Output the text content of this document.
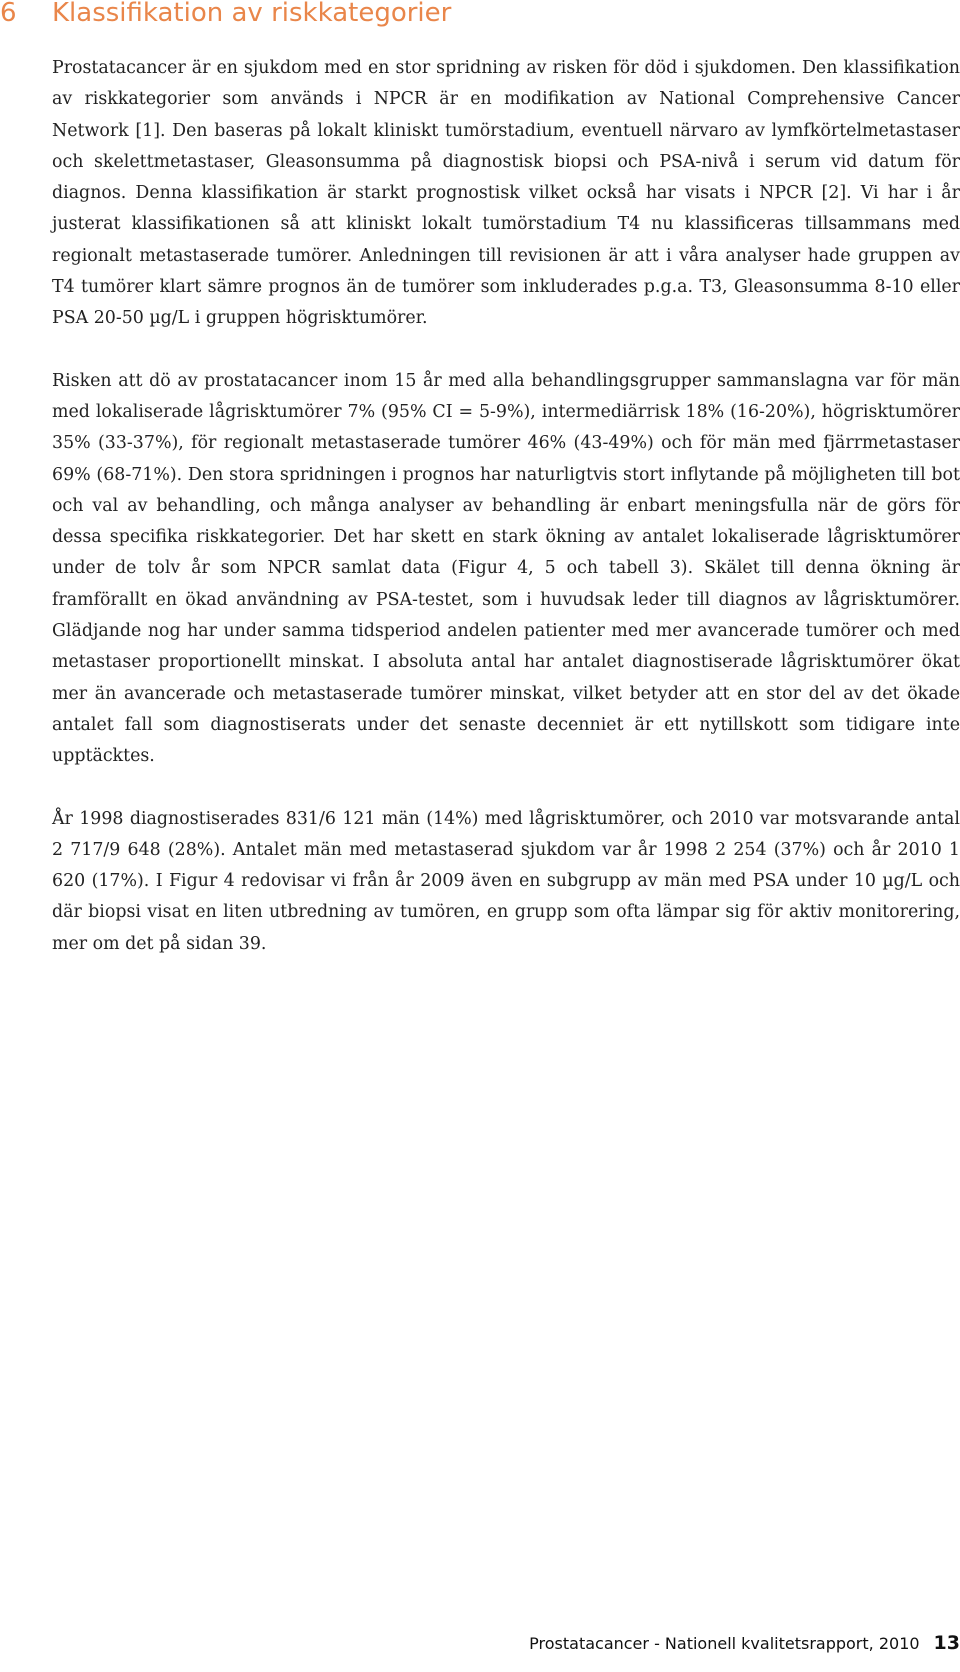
6 Klassifikation av riskkategorier

Prostatacancer är en sjukdom med en stor spridning av risken för död i sjukdomen. Den klassifikation av riskkategorier som används i NPCR är en modifikation av National Comprehensive Cancer Network [1]. Den baseras på lokalt kliniskt tumörstadium, eventuell närvaro av lymfkörtelmetastaser och skelettmetastaser, Gleasonsumma på diagnostisk biopsi och PSA-nivå i serum vid datum för diagnos. Denna klassifikation är starkt prognostisk vilket också har visats i NPCR [2]. Vi har i år justerat klassifikationen så att kliniskt lokalt tumörstadium T4 nu klassificeras tillsammans med regionalt metastaserade tumörer. Anledningen till revisionen är att i våra analyser hade gruppen av T4 tumörer klart sämre prognos än de tumörer som inkluderades p.g.a. T3, Gleasonsumma 8-10 eller PSA 20-50 µg/L i gruppen högrisktumörer.

Risken att dö av prostatacancer inom 15 år med alla behandlingsgrupper sammanslagna var för män med lokaliserade lågrisktumörer 7% (95% CI = 5-9%), intermediärrisk 18% (16-20%), högrisktumörer 35% (33-37%), för regionalt metastaserade tumörer 46% (43-49%) och för män med fjärrmetastaser 69% (68-71%). Den stora spridningen i prognos har naturligtvis stort inflytande på möjligheten till bot och val av behandling, och många analyser av behandling är enbart meningsfulla när de görs för dessa specifika riskkategorier. Det har skett en stark ökning av antalet lokaliserade lågrisktumörer under de tolv år som NPCR samlat data (Figur 4, 5 och tabell 3). Skälet till denna ökning är framförallt en ökad användning av PSA-testet, som i huvudsak leder till diagnos av lågrisktumörer. Glädjande nog har under samma tidsperiod andelen patienter med mer avancerade tumörer och med metastaser proportionellt minskat. I absoluta antal har antalet diagnostiserade lågrisktumörer ökat mer än avancerade och metastaserade tumörer minskat, vilket betyder att en stor del av det ökade antalet fall som diagnostiserats under det senaste decenniet är ett nytillskott som tidigare inte upptäcktes.

År 1998 diagnostiserades 831/6 121 män (14%) med lågrisktumörer, och 2010 var motsvarande antal 2 717/9 648 (28%). Antalet män med metastaserad sjukdom var år 1998 2 254 (37%) och år 2010 1 620 (17%). I Figur 4 redovisar vi från år 2009 även en subgrupp av män med PSA under 10 µg/L och där biopsi visat en liten utbredning av tumören, en grupp som ofta lämpar sig för aktiv monitorering, mer om det på sidan 39.

Prostatacancer - Nationell kvalitetsrapport, 2010 13
